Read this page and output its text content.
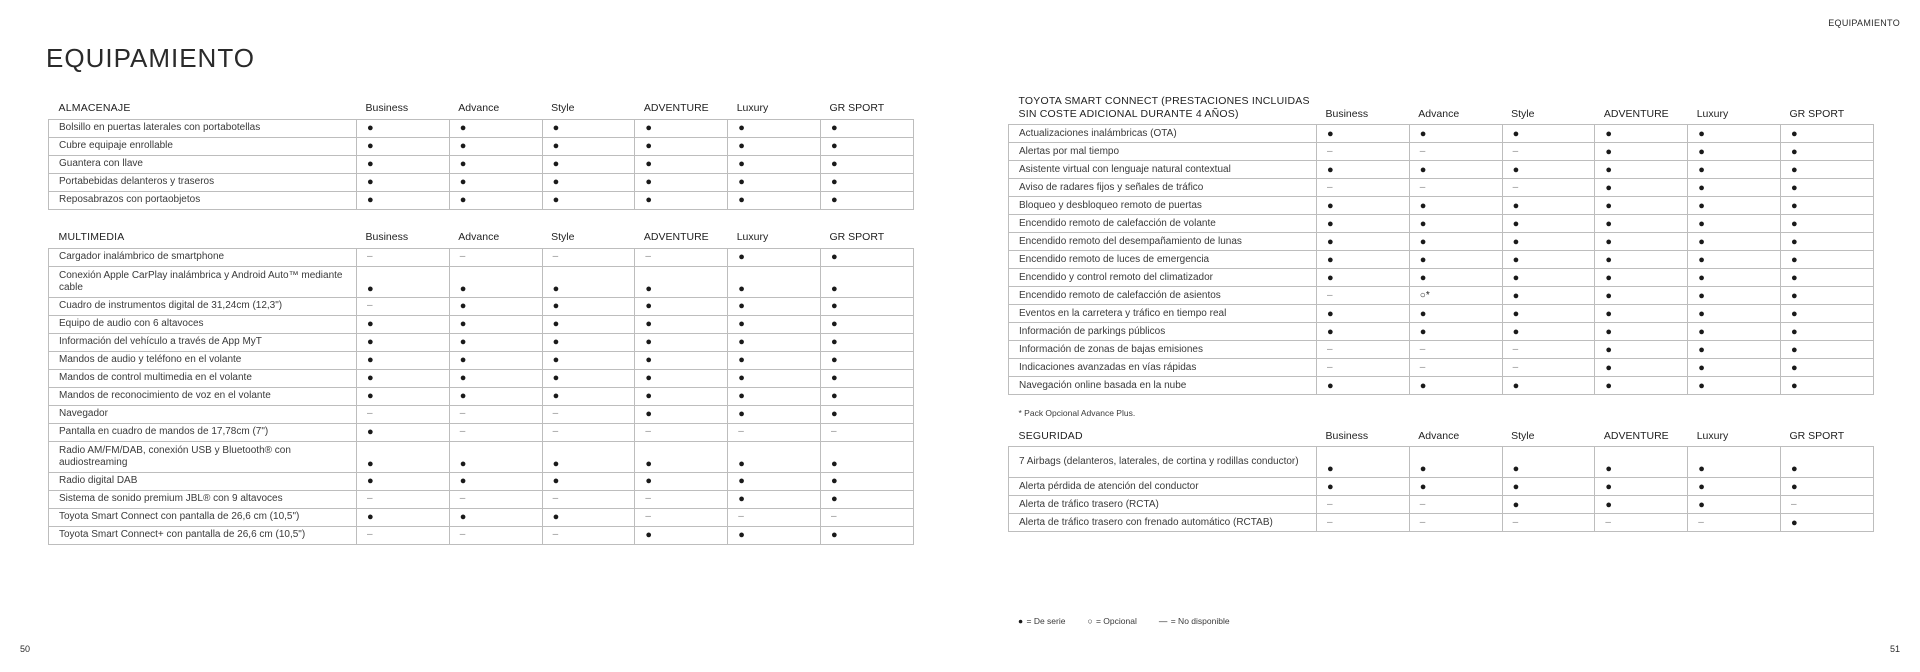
EQUIPAMIENTO
EQUIPAMIENTO
ALMACENAJE	Business	Advance	Style	ADVENTURE	Luxury	GR SPORT
Bolsillo en puertas laterales con portabotellas	●	●	●	●	●	●
Cubre equipaje enrollable	●	●	●	●	●	●
Guantera con llave	●	●	●	●	●	●
Portabebidas delanteros y traseros	●	●	●	●	●	●
Reposabrazos con portaobjetos	●	●	●	●	●	●

MULTIMEDIA	Business	Advance	Style	ADVENTURE	Luxury	GR SPORT
Cargador inalámbrico de smartphone	–	–	–	–	●	●
Conexión Apple CarPlay inalámbrica y Android Auto™ mediante cable	●	●	●	●	●	●
Cuadro de instrumentos digital de 31,24cm (12,3")	–	●	●	●	●	●
Equipo de audio con 6 altavoces	●	●	●	●	●	●
Información del vehículo a través de App MyT	●	●	●	●	●	●
Mandos de audio y teléfono en el volante	●	●	●	●	●	●
Mandos de control multimedia en el volante	●	●	●	●	●	●
Mandos de reconocimiento de voz en el volante	●	●	●	●	●	●
Navegador	–	–	–	●	●	●
Pantalla en cuadro de mandos de 17,78cm (7")	●	–	–	–	–	–
Radio AM/FM/DAB, conexión USB y Bluetooth® con audiostreaming	●	●	●	●	●	●
Radio digital DAB	●	●	●	●	●	●
Sistema de sonido premium JBL® con 9 altavoces	–	–	–	–	●	●
Toyota Smart Connect con pantalla de 26,6 cm (10,5")	●	●	●	–	–	–
Toyota Smart Connect+ con pantalla de 26,6 cm (10,5")	–	–	–	●	●	●
TOYOTA SMART CONNECT (PRESTACIONES INCLUIDAS
SIN COSTE ADICIONAL DURANTE 4 AÑOS)	Business	Advance	Style	ADVENTURE	Luxury	GR SPORT
Actualizaciones inalámbricas (OTA)	●	●	●	●	●	●
Alertas por mal tiempo	–	–	–	●	●	●
Asistente virtual con lenguaje natural contextual	●	●	●	●	●	●
Aviso de radares fijos y señales de tráfico	–	–	–	●	●	●
Bloqueo y desbloqueo remoto de puertas	●	●	●	●	●	●
Encendido remoto de calefacción de volante	●	●	●	●	●	●
Encendido remoto del desempañamiento de lunas	●	●	●	●	●	●
Encendido remoto de luces de emergencia	●	●	●	●	●	●
Encendido y control remoto del climatizador	●	●	●	●	●	●
Encendido remoto de calefacción de asientos	–	○*	●	●	●	●
Eventos en la carretera y tráfico en tiempo real	●	●	●	●	●	●
Información de parkings públicos	●	●	●	●	●	●
Información de zonas de bajas emisiones	–	–	–	●	●	●
Indicaciones avanzadas en vías rápidas	–	–	–	●	●	●
Navegación online basada en la nube	●	●	●	●	●	●
* Pack Opcional Advance Plus.						
SEGURIDAD	Business	Advance	Style	ADVENTURE	Luxury	GR SPORT
7 Airbags (delanteros, laterales, de cortina y rodillas conductor)	●	●	●	●	●	●
Alerta pérdida de atención del conductor	●	●	●	●	●	●
Alerta de tráfico trasero (RCTA)	–	–	●	●	●	–
Alerta de tráfico trasero con frenado automático (RCTAB)	–	–	–	–	–	●
● = De serie	○ = Opcional	— = No disponible
50	51
